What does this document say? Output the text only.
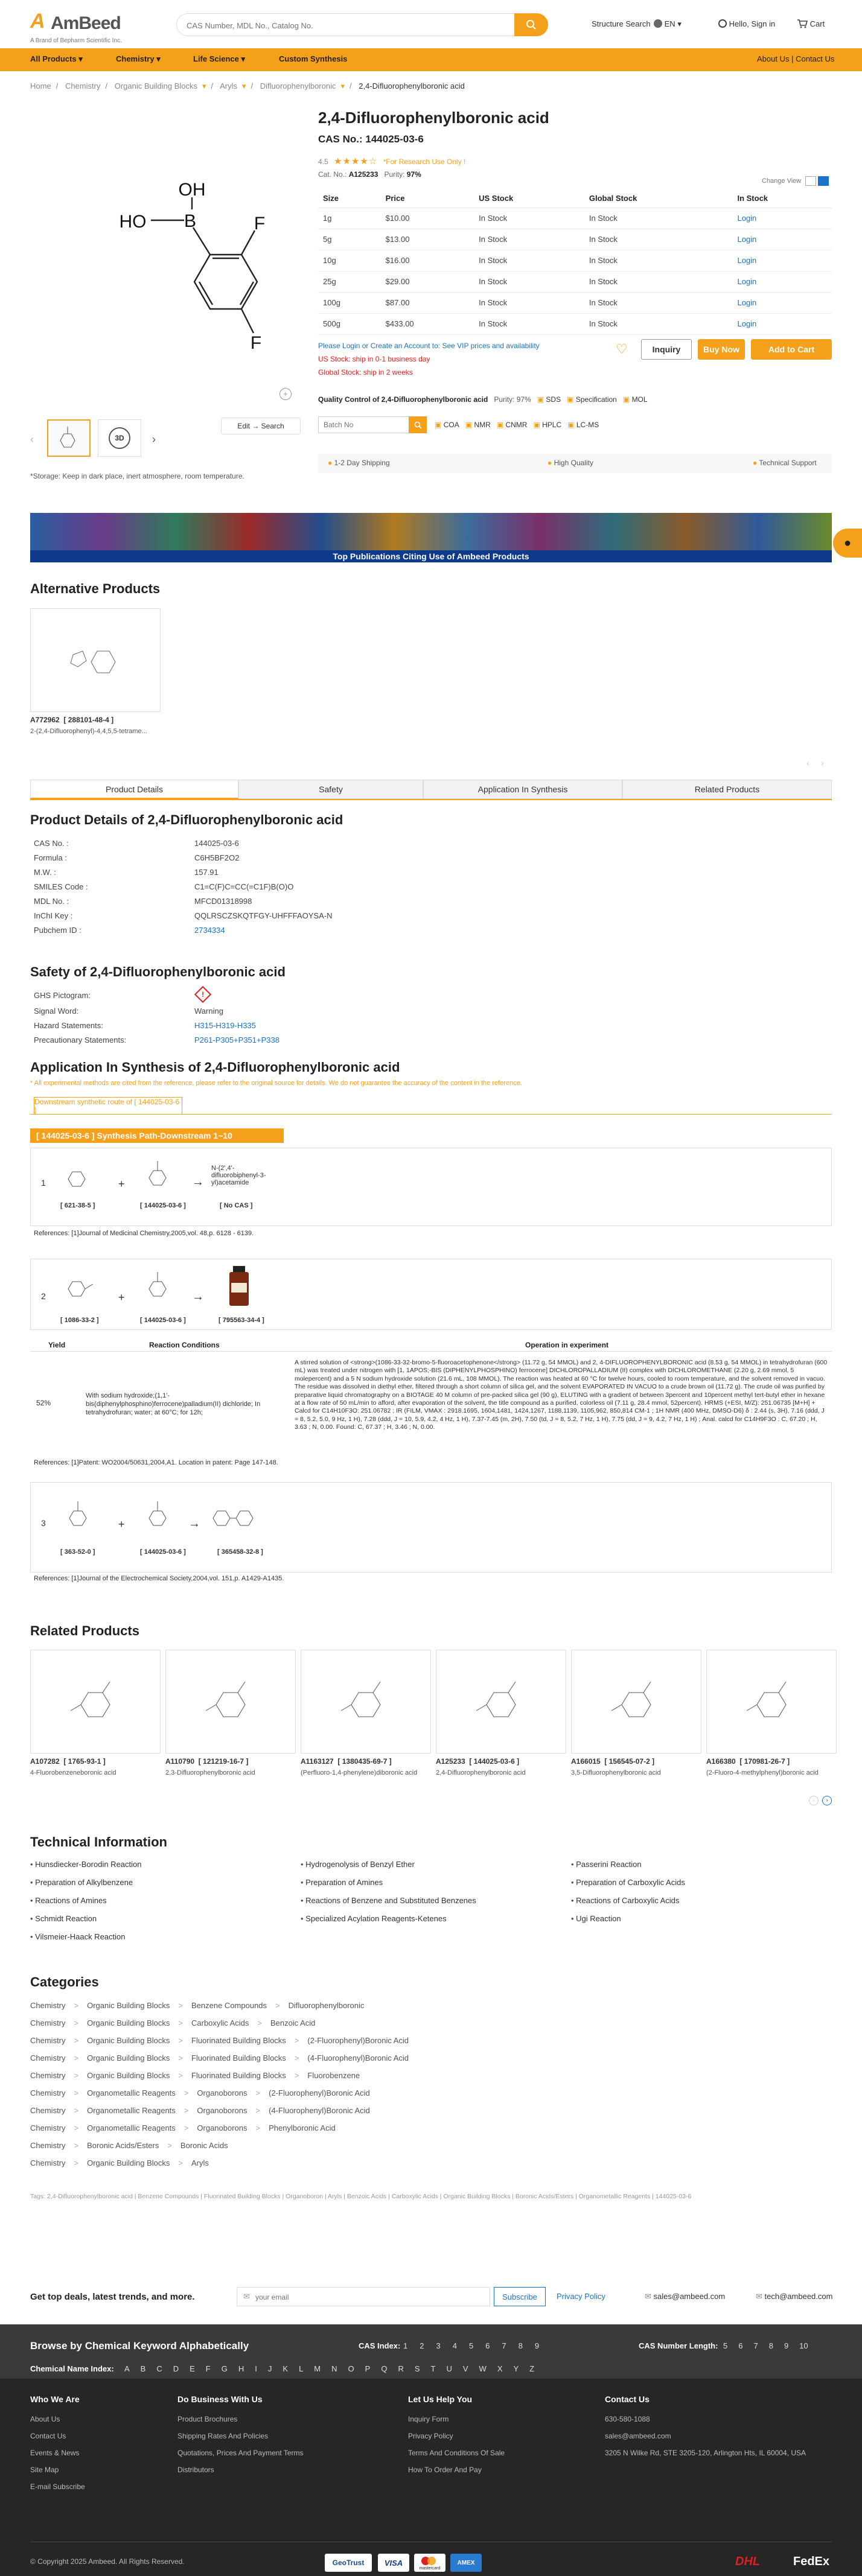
A AmBeed
A Brand of Bepharm Scientific Inc.
CAS Number, MDL No., Catalog No.
Structure Search	EN ▾	Hello, Sign in	Cart
All Products ▾	Chemistry ▾	Life Science ▾	Custom Synthesis	About Us | Contact Us
Home / Chemistry / Organic Building Blocks ▾ / Aryls ▾ / Difluorophenylboronic ▾ / 2,4-Difluorophenylboronic acid
OH
HO B	F
F
+
‹	3D	›
Edit → Search
*Storage: Keep in dark place, inert atmosphere, room temperature.
2,4-Difluorophenylboronic acid
CAS No.: 144025-03-6
4.5 ★★★★☆ *For Research Use Only !
Cat. No.: A125233 Purity: 97%
Change View
Size	Price	US Stock	Global Stock	In Stock
1g	$10.00	In Stock	In Stock	Login
5g	$13.00	In Stock	In Stock	Login
10g	$16.00	In Stock	In Stock	Login
25g	$29.00	In Stock	In Stock	Login
100g	$87.00	In Stock	In Stock	Login
500g	$433.00	In Stock	In Stock	Login
Please Login or Create an Account to: See VIP prices and availability
US Stock: ship in 0-1 business day
Global Stock: ship in 2 weeks
♡	Inquiry	Buy Now	Add to Cart
Quality Control of 2,4-Difluorophenylboronic acid Purity: 97% ▣ SDS ▣ Specification ▣ MOL
Batch No
▣ COA ▣ NMR ▣ CNMR ▣ HPLC ▣ LC-MS
● 1-2 Day Shipping	● High Quality	● Technical Support
Top Publications Citing Use of Ambeed Products
●
Alternative Products
A772962 [ 288101-48-4 ]
2-(2,4-Difluorophenyl)-4,4,5,5-tetrame...
‹ ›
Product Details	Safety	Application In Synthesis	Related Products
Product Details of 2,4-Difluorophenylboronic acid
CAS No. :	144025-03-6
Formula :	C6H5BF2O2
M.W. :	157.91
SMILES Code :	C1=C(F)C=CC(=C1F)B(O)O
MDL No. :	MFCD01318998
InChI Key :	QQLRSCZSKQTFGY-UHFFFAOYSA-N
Pubchem ID :	2734334
Safety of 2,4-Difluorophenylboronic acid
GHS Pictogram:	!
Signal Word:	Warning
Hazard Statements:	H315-H319-H335
Precautionary Statements:	P261-P305+P351+P338
Application In Synthesis of 2,4-Difluorophenylboronic acid
* All experimental methods are cited from the reference, please refer to the original source for details. We do not guarantee the accuracy of the content in the reference.
Downstream synthetic route of [ 144025-03-6 ]
[ 144025-03-6 ] Synthesis Path-Downstream 1~10
1
[ 621-38-5 ]
+
[ 144025-03-6 ]
→
N-(2',4'-difluorobiphenyl-3-yl)acetamide
[ No CAS ]
References: [1]Journal of Medicinal Chemistry,2005,vol. 48,p. 6128 - 6139.
2
[ 1086-33-2 ]
+
[ 144025-03-6 ]
→
[ 795563-34-4 ]
Yield	Reaction Conditions	Operation in experiment
52%
With sodium hydroxide;(1,1'-bis(diphenylphosphino)ferrocene)palladium(II) dichloride; In tetrahydrofuran; water; at 60°C; for 12h;
A stirred solution of <strong>(1086-33-32-bromo-5-fluoroacetophenone</strong> (11.72 g, 54 MMOL) and 2, 4-DIFLUOROPHENYLBORONIC acid (8.53 g, 54 MMOL) in tetrahydrofuran (600 mL) was treated under nitrogen with [1, 1APOS;-BIS (DIPHENYLPHOSPHINO) ferrocene] DICHLOROPALLADIUM (II) complex with DICHLOROMETHANE (2.20 g, 2.69 mmol, 5 molepercent) and a 5 N sodium hydroxide solution (21.6 mL, 108 MMOL). The reaction was heated at 60 °C for twelve hours, cooled to room temperature, and the solvent removed in vacuo. The residue was dissolved in diethyl ether, filtered through a short column of silica gel, and the solvent EVAPORATED IN VACUO to a crude brown oil (11.72 g). The crude oil was purified by preparative liquid chromatography on a BIOTAGE 40 M column of pre-packed silica gel (90 g), ELUTING with a gradient of between 3percent and 10percent methyl tert-butyl ether in hexane at a flow rate of 50 mL/min to afford, after evaporation of the solvent, the title compound as a purified, colorless oil (7.11 g, 28.4 mmol, 52percent). HRMS (+ESI, M/Z): 251.06735 [M+H] + Calcd for C14H10F3O: 251.06782 ; IR (FILM, VMAX : 2918.1695, 1604,1481, 1424,1267, 1188,1139, 1105,962, 850,814 CM-1 ; 1H NMR (400 MHz, DMSO-D6) δ : 2.44 (s, 3H), 7.16 (ddd, J = 8, 5.2, 5.0, 9 Hz, 1 H), 7.28 (ddd, J = 10, 5.9, 4.2, 4 Hz, 1 H), 7.37-7.45 (m, 2H), 7.50 (td, J = 8, 5.2, 7 Hz, 1 H), 7.75 (dd, J = 9, 4.2, 7 Hz, 1 H) ; Anal. calcd for C14H9F3O : C, 67.20 ; H, 3.63 ; N, 0.00. Found: C, 67.37 ; H, 3.46 ; N, 0.00.
References: [1]Patent: WO2004/50631,2004,A1. Location in patent: Page 147-148.
3
[ 363-52-0 ]
+
[ 144025-03-6 ]
→
[ 365458-32-8 ]
References: [1]Journal of the Electrochemical Society,2004,vol. 151,p. A1429-A1435.
Related Products
‹	›
Technical Information
Categories
Tags: 2,4-Difluorophenylboronic acid | Benzene Compounds | Fluorinated Building Blocks | Organoboron | Aryls | Benzoic Acids | Carboxylic Acids | Organic Building Blocks | Boronic Acids/Esters | Organometallic Reagents | 144025-03-6
Get top deals, latest trends, and more.	✉
your email	Subscribe	Privacy Policy	✉ sales@ambeed.com	✉ tech@ambeed.com
Browse by Chemical Keyword Alphabetically	CAS Index: 1 2 3 4 5 6 7 8 9	CAS Number Length: 5 6 7 8 9 10
Chemical Name Index: A B C D E F G H I J K L M N O P Q R S T U V W X Y Z
Who We Are
About Us
Contact Us
Events & News
Site Map
E-mail Subscribe
Do Business With Us
Product Brochures
Shipping Rates And Policies
Quotations, Prices And Payment Terms
Distributors
Let Us Help You
Inquiry Form
Privacy Policy
Terms And Conditions Of Sale
How To Order And Pay
Contact Us
630-580-1088
sales@ambeed.com
3205 N Wilke Rd, STE 3205-120, Arlington Hts, IL 60004, USA
© Copyright 2025 Ambeed. All Rights Reserved.	GeoTrust	VISA
mastercard
AMEX	DHL	FedEx
A107282 [ 1765-93-1 ]
4-Fluorobenzeneboronic acid
A110790 [ 121219-16-7 ]
2,3-Difluorophenylboronic acid
A1163127 [ 1380435-69-7 ]
(Perfluoro-1,4-phenylene)diboronic acid
A125233 [ 144025-03-6 ]
2,4-Difluorophenylboronic acid
A166015 [ 156545-07-2 ]
3,5-Difluorophenylboronic acid
A166380 [ 170981-26-7 ]
(2-Fluoro-4-methylphenyl)boronic acid
• Hunsdiecker-Borodin Reaction
• Preparation of Alkylbenzene
• Reactions of Amines
• Schmidt Reaction
• Vilsmeier-Haack Reaction
• Hydrogenolysis of Benzyl Ether
• Preparation of Amines
• Reactions of Benzene and Substituted Benzenes
• Specialized Acylation Reagents-Ketenes
• Passerini Reaction
• Preparation of Carboxylic Acids
• Reactions of Carboxylic Acids
• Ugi Reaction
Chemistry > Organic Building Blocks > Benzene Compounds > Difluorophenylboronic
Chemistry > Organic Building Blocks > Carboxylic Acids > Benzoic Acid
Chemistry > Organic Building Blocks > Fluorinated Building Blocks > (2-Fluorophenyl)Boronic Acid
Chemistry > Organic Building Blocks > Fluorinated Building Blocks > (4-Fluorophenyl)Boronic Acid
Chemistry > Organic Building Blocks > Fluorinated Building Blocks > Fluorobenzene
Chemistry > Organometallic Reagents > Organoborons > (2-Fluorophenyl)Boronic Acid
Chemistry > Organometallic Reagents > Organoborons > (4-Fluorophenyl)Boronic Acid
Chemistry > Organometallic Reagents > Organoborons > Phenylboronic Acid
Chemistry > Boronic Acids/Esters > Boronic Acids
Chemistry > Organic Building Blocks > Aryls
